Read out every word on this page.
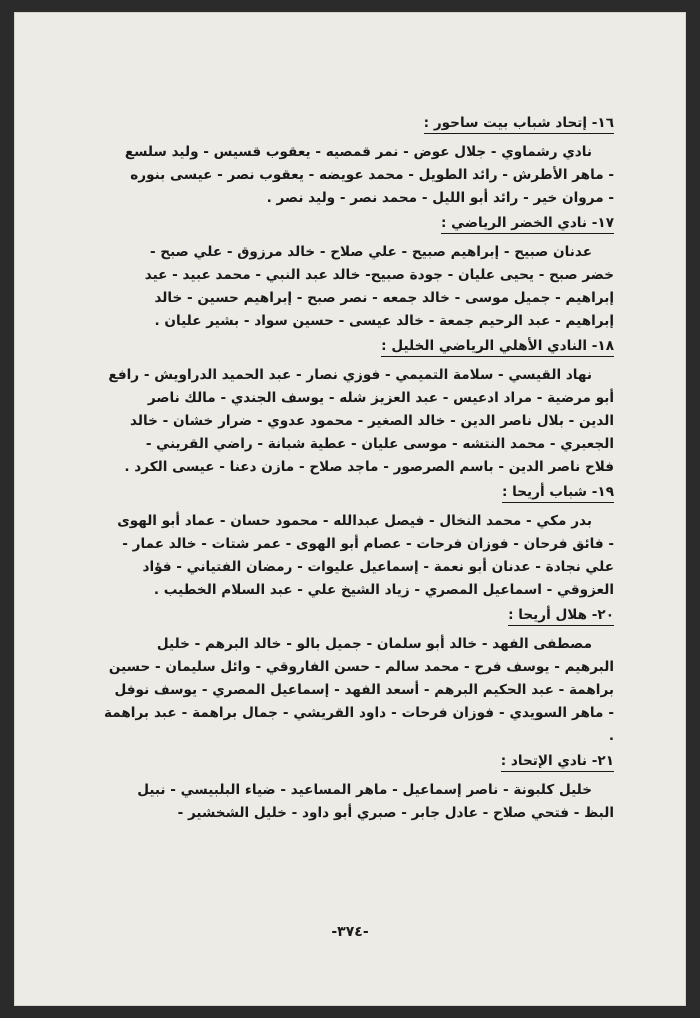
١٦- إتحاد شباب بيت ساحور :

نادي رشماوي - جلال عوض - نمر قمصيه - يعقوب قسيس - وليد سلسع

- ماهر الأطرش - رائد الطويل - محمد عويضه - يعقوب نصر - عيسى بنوره

- مروان خير - رائد أبو الليل - محمد نصر - وليد نصر .

١٧- نادي الخضر الرياضي :

عدنان صبيح - إبراهيم صبيح - علي صلاح - خالد مرزوق - علي صبح -

خضر صبح - يحيى عليان - جودة صبيح- خالد عبد النبي - محمد عبيد - عيد

إبراهيم - جميل موسى - خالد جمعه - نصر صبح - إبراهيم حسين - خالد

إبراهيم - عبد الرحيم جمعة - خالد عيسى - حسين سواد - بشير عليان .

١٨- النادي الأهلي الرياضي الخليل :

نهاد القيسي - سلامة التميمي - فوزي نصار - عبد الحميد الدراويش - رافع

أبو مرضية - مراد ادعيس - عبد العزيز شله - يوسف الجندي - مالك ناصر

الدين - بلال ناصر الدين - خالد الصغير - محمود عدوي - ضرار خشان - خالد

الجعبري - محمد النتشه - موسى عليان - عطية شبانة - راضي القريني -

فلاح ناصر الدين - باسم الصرصور - ماجد صلاح - مازن دعنا - عيسى الكرد .

١٩- شباب أريحا :

بدر مكي - محمد النخال - فيصل عبدالله - محمود حسان - عماد أبو الهوى

- فائق فرحان - فوزان فرحات - عصام أبو الهوى - عمر شتات - خالد عمار -

علي نجادة - عدنان أبو نعمة - إسماعيل عليوات - رمضان الفتياني - فؤاد

العزوقي - اسماعيل المصري - زياد الشيخ علي - عبد السلام الخطيب .

٢٠- هلال أريحا :

مصطفى الفهد - خالد أبو سلمان - جميل بالو - خالد البرهم - خليل

البرهيم - يوسف فرح - محمد سالم - حسن الفاروقي - وائل سليمان - حسين

براهمة - عبد الحكيم البرهم - أسعد الفهد - إسماعيل المصري - يوسف نوفل

- ماهر السويدي - فوزان فرحات - داود القريشي - جمال براهمة - عبد براهمة .

٢١- نادي الإتحاد :

خليل كلبونة - ناصر إسماعيل - ماهر المساعيد - ضياء البلبيسي - نبيل

البظ - فتحي صلاح - عادل جابر - صبري أبو داود - خليل الشخشير -

-٣٧٤-
